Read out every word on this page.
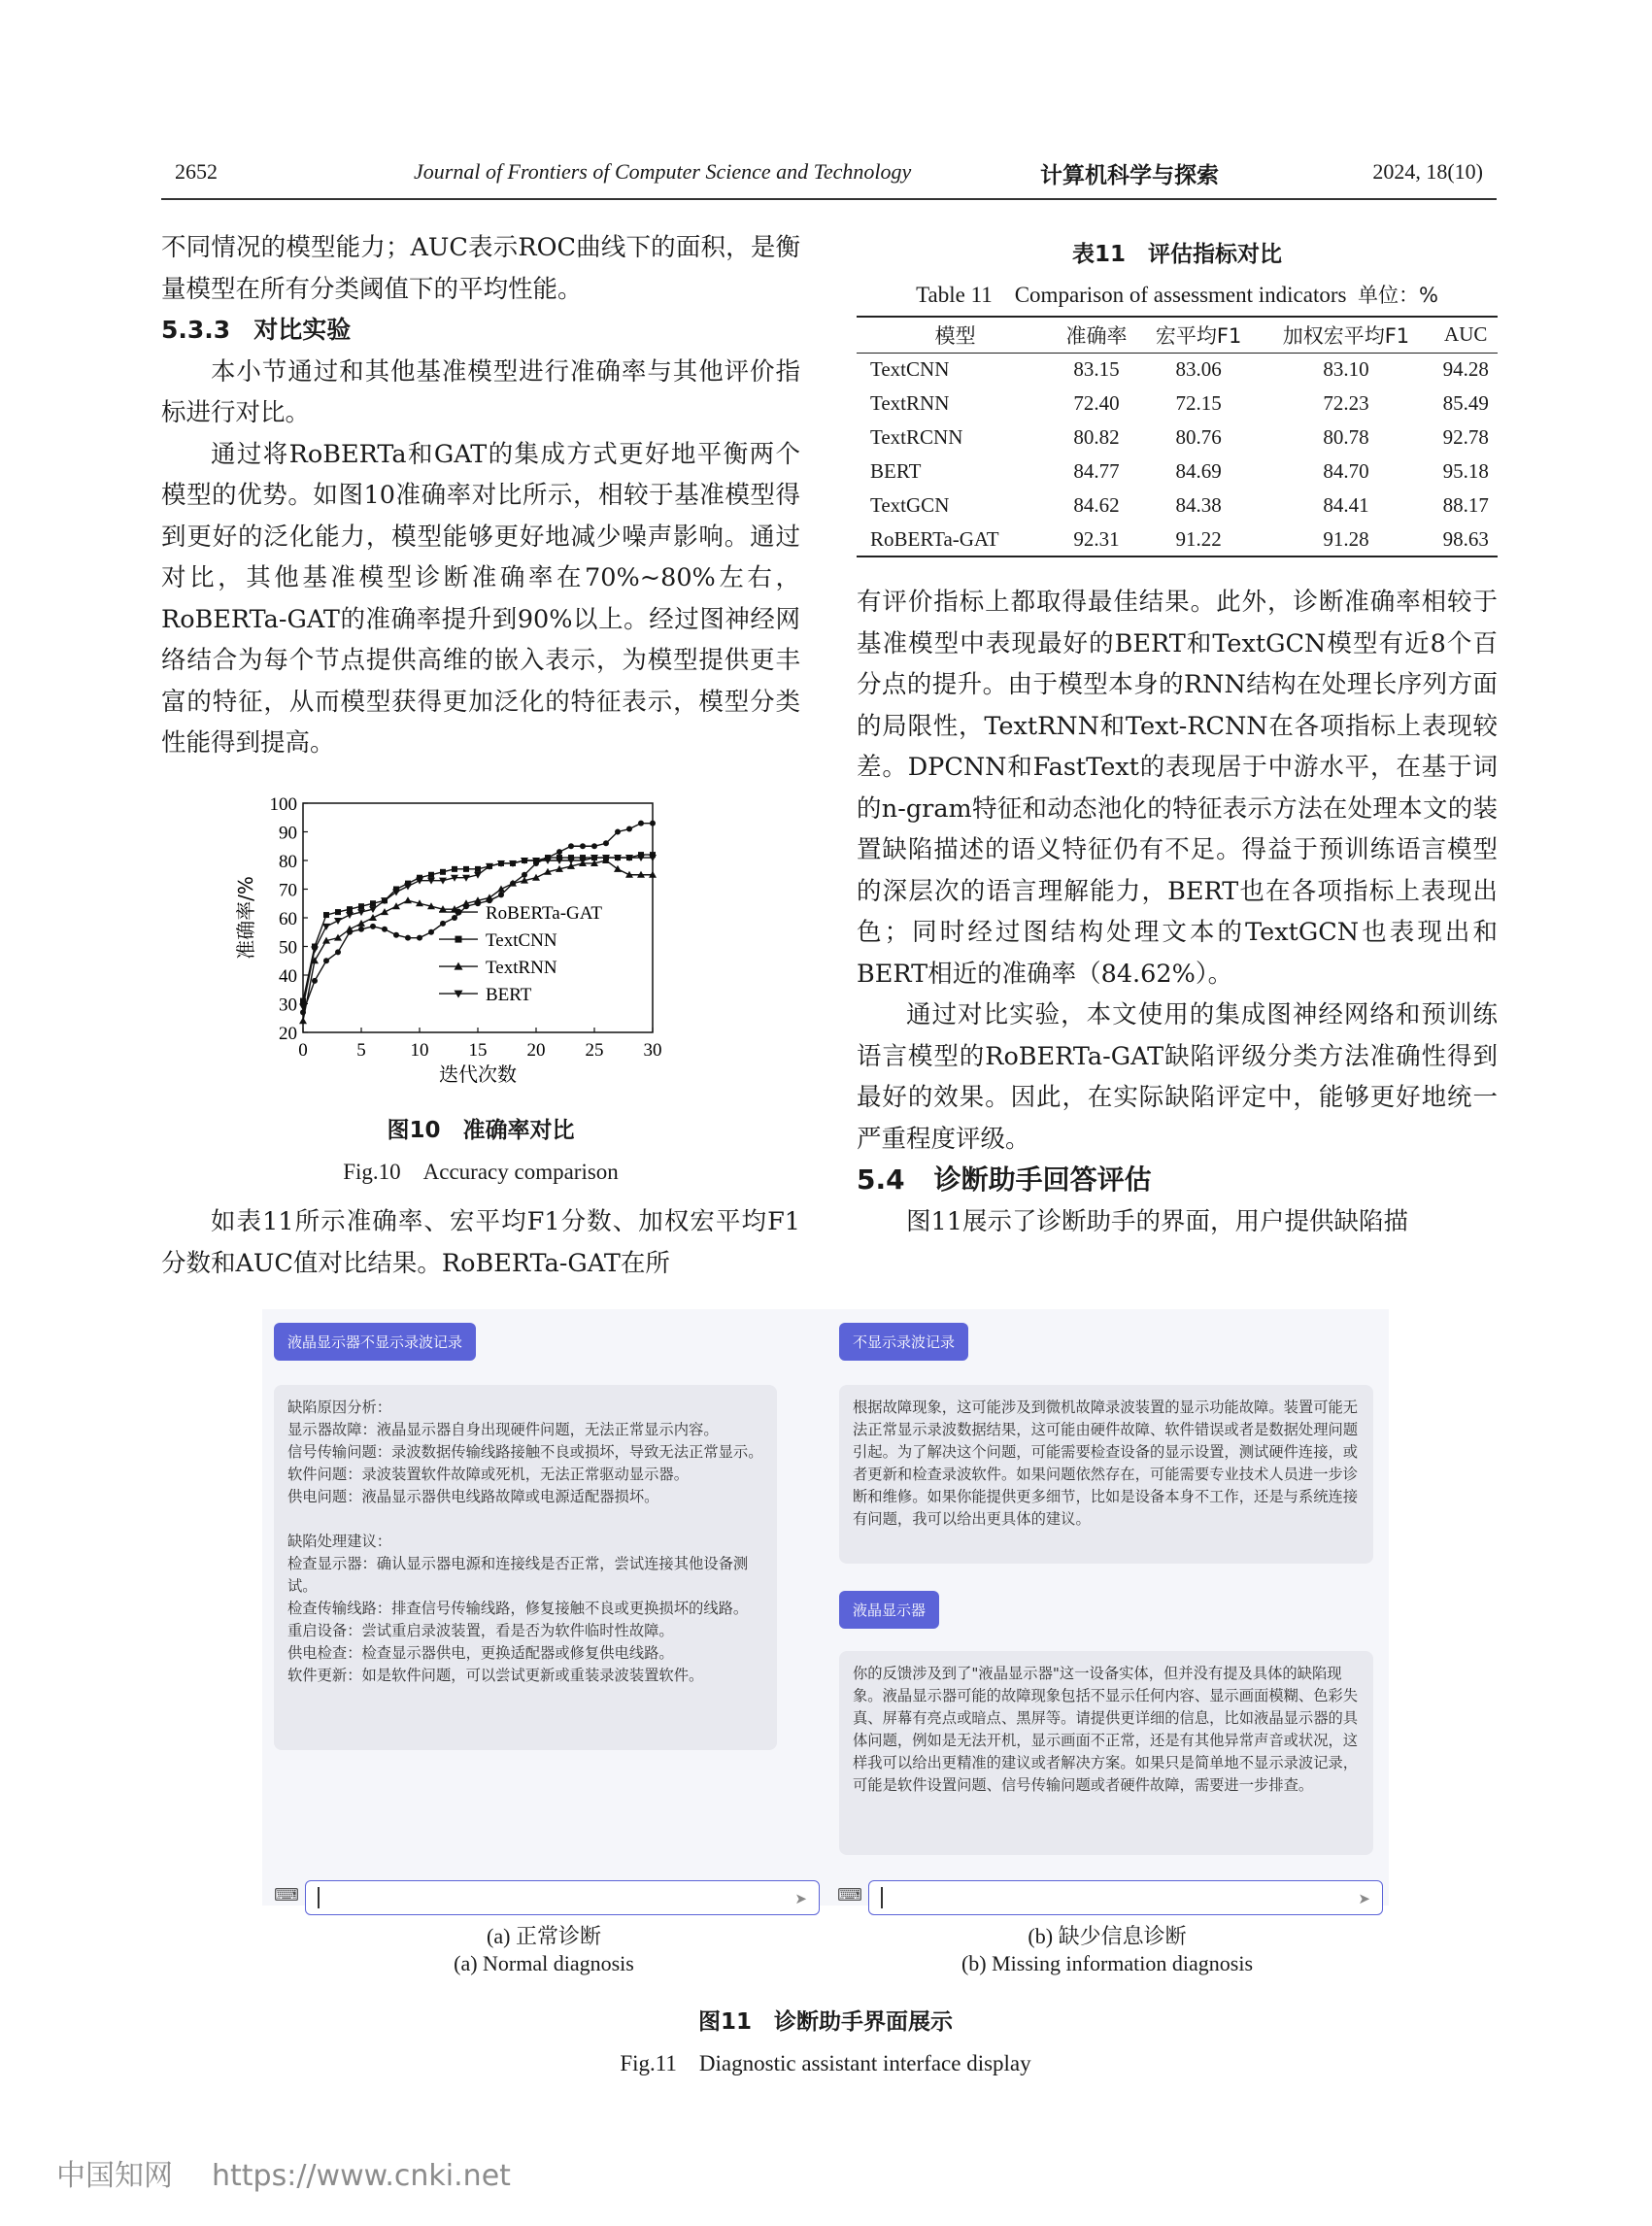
2652	Journal of Frontiers of Computer Science and Technology	计算机科学与探索	2024, 18(10)

不同情况的模型能力；AUC表示ROC曲线下的面积，是衡量模型在所有分类阈值下的平均性能。

5.3.3 对比实验

本小节通过和其他基准模型进行准确率与其他评价指标进行对比。

通过将RoBERTa和GAT的集成方式更好地平衡两个模型的优势。如图10准确率对比所示，相较于基准模型得到更好的泛化能力，模型能够更好地减少噪声影响。通过对比，其他基准模型诊断准确率在70%~80%左右，RoBERTa-GAT的准确率提升到90%以上。经过图神经网络结合为每个节点提供高维的嵌入表示，为模型提供更丰富的特征，从而模型获得更加泛化的特征表示，模型分类性能得到提高。

0	5 10 15 20 25 30
20
30
40
50
60
70
80
90
100
迭代次数
准确率/%	RoBERTa-GAT
TextCNN
TextRNN
BERT
图10　准确率对比
Fig.10　Accuracy comparison

如表11所示准确率、宏平均F1分数、加权宏平均F1分数和AUC值对比结果。RoBERTa-GAT在所

表11　评估指标对比
Table 11　Comparison of assessment indicators 单位：%
模型	准确率	宏平均F1	加权宏平均F1	AUC
TextCNN	83.15	83.06	83.10	94.28
TextRNN	72.40	72.15	72.23	85.49
TextRCNN	80.82	80.76	80.78	92.78
BERT	84.77	84.69	84.70	95.18
TextGCN	84.62	84.38	84.41	88.17
RoBERTa-GAT	92.31	91.22	91.28	98.63

有评价指标上都取得最佳结果。此外，诊断准确率相较于基准模型中表现最好的BERT和TextGCN模型有近8个百分点的提升。由于模型本身的RNN结构在处理长序列方面的局限性，TextRNN和Text-RCNN在各项指标上表现较差。DPCNN和FastText的表现居于中游水平，在基于词的n-gram特征和动态池化的特征表示方法在处理本文的装置缺陷描述的语义特征仍有不足。得益于预训练语言模型的深层次的语言理解能力，BERT也在各项指标上表现出色；同时经过图结构处理文本的TextGCN也表现出和BERT相近的准确率（84.62%）。

通过对比实验，本文使用的集成图神经网络和预训练语言模型的RoBERTa-GAT缺陷评级分类方法准确性得到最好的效果。因此，在实际缺陷评定中，能够更好地统一严重程度评级。

5.4 诊断助手回答评估

图11展示了诊断助手的界面，用户提供缺陷描

液晶显示器不显示录波记录
缺陷原因分析：
显示器故障：液晶显示器自身出现硬件问题，无法正常显示内容。
信号传输问题：录波数据传输线路接触不良或损坏，导致无法正常显示。
软件问题：录波装置软件故障或死机，无法正常驱动显示器。
供电问题：液晶显示器供电线路故障或电源适配器损坏。

缺陷处理建议：
检查显示器：确认显示器电源和连接线是否正常，尝试连接其他设备测试。
检查传输线路：排查信号传输线路，修复接触不良或更换损坏的线路。
重启设备：尝试重启录波装置，看是否为软件临时性故障。
供电检查：检查显示器供电，更换适配器或修复供电线路。
软件更新：如是软件问题，可以尝试更新或重装录波装置软件。
⌨	➤
不显示录波记录
根据故障现象，这可能涉及到微机故障录波装置的显示功能故障。装置可能无法正常显示录波数据结果，这可能由硬件故障、软件错误或者是数据处理问题引起。为了解决这个问题，可能需要检查设备的显示设置，测试硬件连接，或者更新和检查录波软件。如果问题依然存在，可能需要专业技术人员进一步诊断和维修。如果你能提供更多细节，比如是设备本身不工作，还是与系统连接有问题，我可以给出更具体的建议。
液晶显示器
你的反馈涉及到了"液晶显示器"这一设备实体，但并没有提及具体的缺陷现象。液晶显示器可能的故障现象包括不显示任何内容、显示画面模糊、色彩失真、屏幕有亮点或暗点、黑屏等。请提供更详细的信息，比如液晶显示器的具体问题，例如是无法开机，显示画面不正常，还是有其他异常声音或状况，这样我可以给出更精准的建议或者解决方案。如果只是简单地不显示录波记录，可能是软件设置问题、信号传输问题或者硬件故障，需要进一步排查。
⌨	➤
(a) 正常诊断
(a) Normal diagnosis
(b) 缺少信息诊断
(b) Missing information diagnosis
图11　诊断助手界面展示
Fig.11　Diagnostic assistant interface display
中国知网 https://www.cnki.net
